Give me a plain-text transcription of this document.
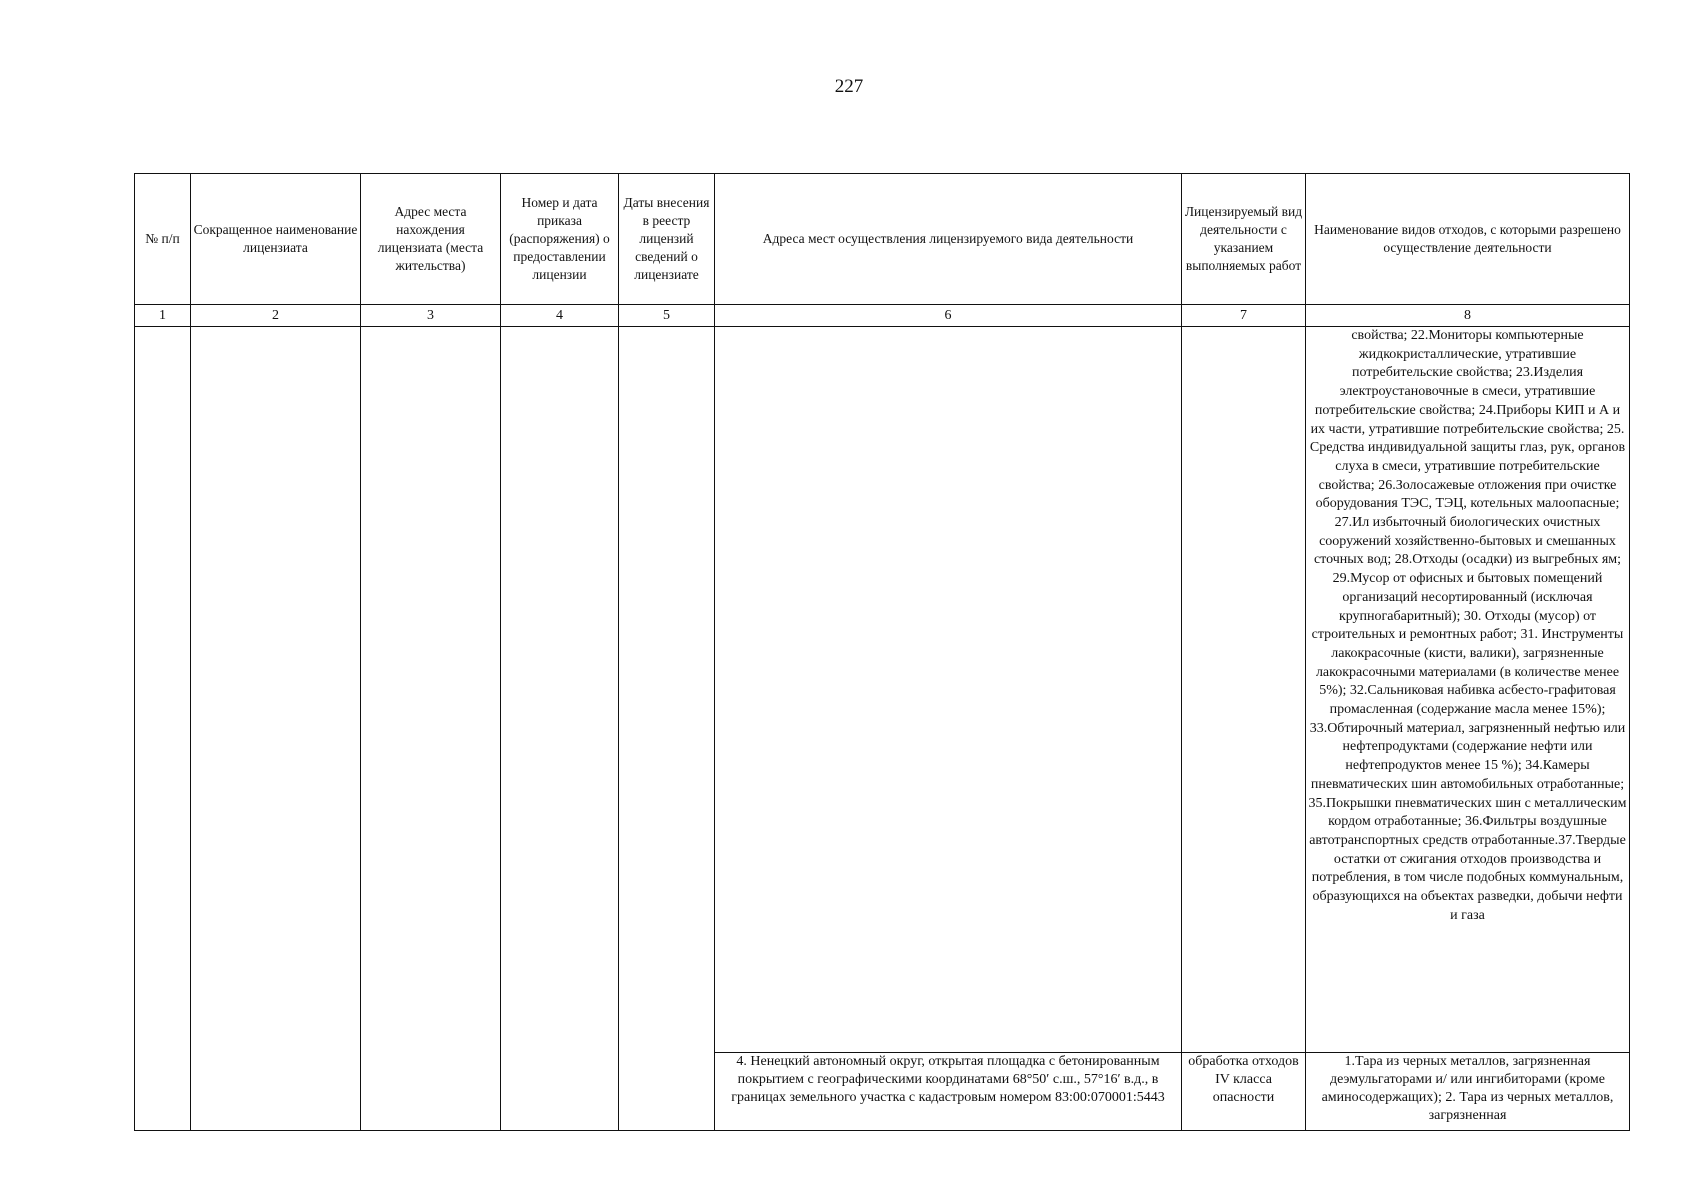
227
№ п/п	Сокращенное наименование лицензиата	Адрес места нахождения лицензиата (места жительства)	Номер и дата приказа (распоряжения) о предоставлении лицензии	Даты внесения в реестр лицензий сведений о лицензиате	Адреса мест осуществления лицензируемого вида деятельности	Лицензируемый вид деятельности с указанием выполняемых работ	Наименование видов отходов, с которыми разрешено осуществление деятельности
1	2	3	4	5	6	7	8
							свойства; 22.Мониторы компьютерные жидкокристаллические, утратившие потребительские свойства; 23.Изделия электроустановочные в смеси, утратившие потребительские свойства; 24.Приборы КИП и А и их части, утратившие потребительские свойства; 25. Средства индивидуальной защиты глаз, рук, органов слуха в смеси, утратившие потребительские свойства; 26.Золосажевые отложения при очистке оборудования ТЭС, ТЭЦ, котельных малоопасные; 27.Ил избыточный биологических очистных сооружений хозяйственно-бытовых и смешанных сточных вод; 28.Отходы (осадки) из выгребных ям; 29.Мусор от офисных и бытовых помещений организаций несортированный (исключая крупногабаритный); 30. Отходы (мусор) от строительных и ремонтных работ; 31. Инструменты лакокрасочные (кисти, валики), загрязненные лакокрасочными материалами (в количестве менее 5%); 32.Сальниковая набивка асбесто-графитовая промасленная (содержание масла менее 15%); 33.Обтирочный материал, загрязненный нефтью или нефтепродуктами (содержание нефти или нефтепродуктов менее 15 %); 34.Камеры пневматических шин автомобильных отработанные; 35.Покрышки пневматических шин с металлическим кордом отработанные; 36.Фильтры воздушные автотранспортных средств отработанные.37.Твердые остатки от сжигания отходов производства и потребления, в том числе подобных коммунальным, образующихся на объектах разведки, добычи нефти и газа
					4. Ненецкий автономный округ, открытая площадка с бетонированным покрытием с географическими координатами 68°50′ с.ш., 57°16′ в.д., в границах земельного участка с кадастровым номером 83:00:070001:5443	обработка отходов IV класса опасности	1.Тара из черных металлов, загрязненная деэмульгаторами и/ или ингибиторами (кроме аминосодержащих); 2. Тара из черных металлов, загрязненная
